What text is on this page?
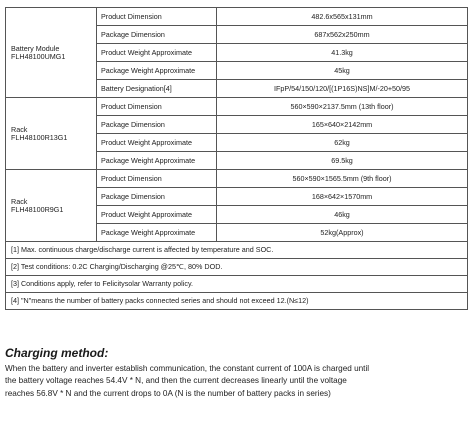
Battery Module
FLH48100UMG1	Product Dimension	482.6x565x131mm
	Package Dimension	687x562x250mm
	Product Weight Approximate	41.3kg
	Package Weight Approximate	45kg
	Battery Designation[4]	IFpP/54/150/120/[(1P16S)NS]M/-20+50/95
Rack
FLH48100R13G1	Product Dimension	560×590×2137.5mm (13th floor)
	Package Dimension	165×640×2142mm
	Product Weight Approximate	62kg
	Package Weight Approximate	69.5kg
Rack
FLH48100R9G1	Product Dimension	560×590×1565.5mm (9th floor)
	Package Dimension	168×642×1570mm
	Product Weight Approximate	46kg
	Package Weight Approximate	52kg(Approx)
[1] Max. continuous charge/discharge current is affected by temperature and SOC.		
[2] Test conditions: 0.2C Charging/Discharging @25℃, 80% DOD.		
[3] Conditions apply, refer to Felicitysolar Warranty policy.		
[4] "N"means the number of battery packs connected series and should not exceed 12.(N≤12)		
Charging method:

When the battery and inverter establish communication, the constant current of 100A is charged until
the battery voltage reaches 54.4V * N, and then the current decreases linearly until the voltage
reaches 56.8V * N and the current drops to 0A (N is the number of battery packs in series)
